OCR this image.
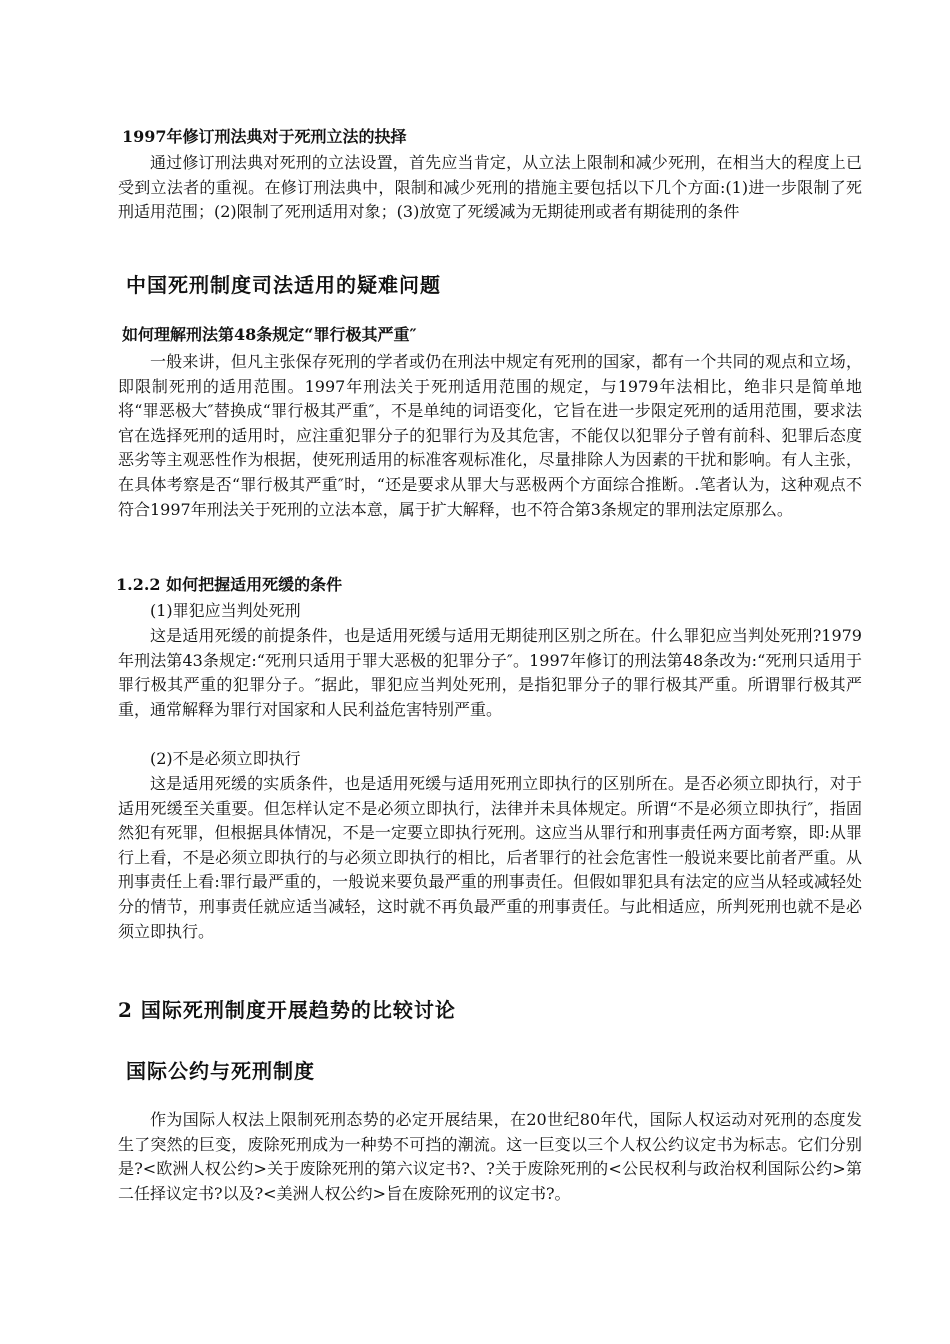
1997年修订刑法典对于死刑立法的抉择

通过修订刑法典对死刑的立法设置，首先应当肯定，从立法上限制和减少死刑，在相当大的程度上已受到立法者的重视。在修订刑法典中，限制和减少死刑的措施主要包括以下几个方面:(1)进一步限制了死刑适用范围；(2)限制了死刑适用对象；(3)放宽了死缓减为无期徒刑或者有期徒刑的条件

中国死刑制度司法适用的疑难问题
如何理解刑法第48条规定“罪行极其严重″

一般来讲，但凡主张保存死刑的学者或仍在刑法中规定有死刑的国家，都有一个共同的观点和立场，即限制死刑的适用范围。1997年刑法关于死刑适用范围的规定，与1979年法相比，绝非只是简单地将“罪恶极大″替换成“罪行极其严重″，不是单纯的词语变化，它旨在进一步限定死刑的适用范围，要求法官在选择死刑的适用时，应注重犯罪分子的犯罪行为及其危害，不能仅以犯罪分子曾有前科、犯罪后态度恶劣等主观恶性作为根据，使死刑适用的标准客观标准化，尽量排除人为因素的干扰和影响。有人主张，在具体考察是否“罪行极其严重″时，“还是要求从罪大与恶极两个方面综合推断。.笔者认为，这种观点不符合1997年刑法关于死刑的立法本意，属于扩大解释，也不符合第3条规定的罪刑法定原那么。

1.2.2 如何把握适用死缓的条件
(1)罪犯应当判处死刑

这是适用死缓的前提条件，也是适用死缓与适用无期徒刑区别之所在。什么罪犯应当判处死刑?1979年刑法第43条规定:“死刑只适用于罪大恶极的犯罪分子″。1997年修订的刑法第48条改为:“死刑只适用于罪行极其严重的犯罪分子。″据此，罪犯应当判处死刑，是指犯罪分子的罪行极其严重。所谓罪行极其严重，通常解释为罪行对国家和人民利益危害特别严重。

(2)不是必须立即执行

这是适用死缓的实质条件，也是适用死缓与适用死刑立即执行的区别所在。是否必须立即执行，对于适用死缓至关重要。但怎样认定不是必须立即执行，法律并未具体规定。所谓“不是必须立即执行″，指固然犯有死罪，但根据具体情况，不是一定要立即执行死刑。这应当从罪行和刑事责任两方面考察，即:从罪行上看，不是必须立即执行的与必须立即执行的相比，后者罪行的社会危害性一般说来要比前者严重。从刑事责任上看:罪行最严重的，一般说来要负最严重的刑事责任。但假如罪犯具有法定的应当从轻或减轻处分的情节，刑事责任就应适当减轻，这时就不再负最严重的刑事责任。与此相适应，所判死刑也就不是必须立即执行。

2 国际死刑制度开展趋势的比较讨论
国际公约与死刑制度

作为国际人权法上限制死刑态势的必定开展结果，在20世纪80年代，国际人权运动对死刑的态度发生了突然的巨变，废除死刑成为一种势不可挡的潮流。这一巨变以三个人权公约议定书为标志。它们分别是?<欧洲人权公约>关于废除死刑的第六议定书?、?关于废除死刑的<公民权利与政治权利国际公约>第二任择议定书?以及?<美洲人权公约>旨在废除死刑的议定书?。
